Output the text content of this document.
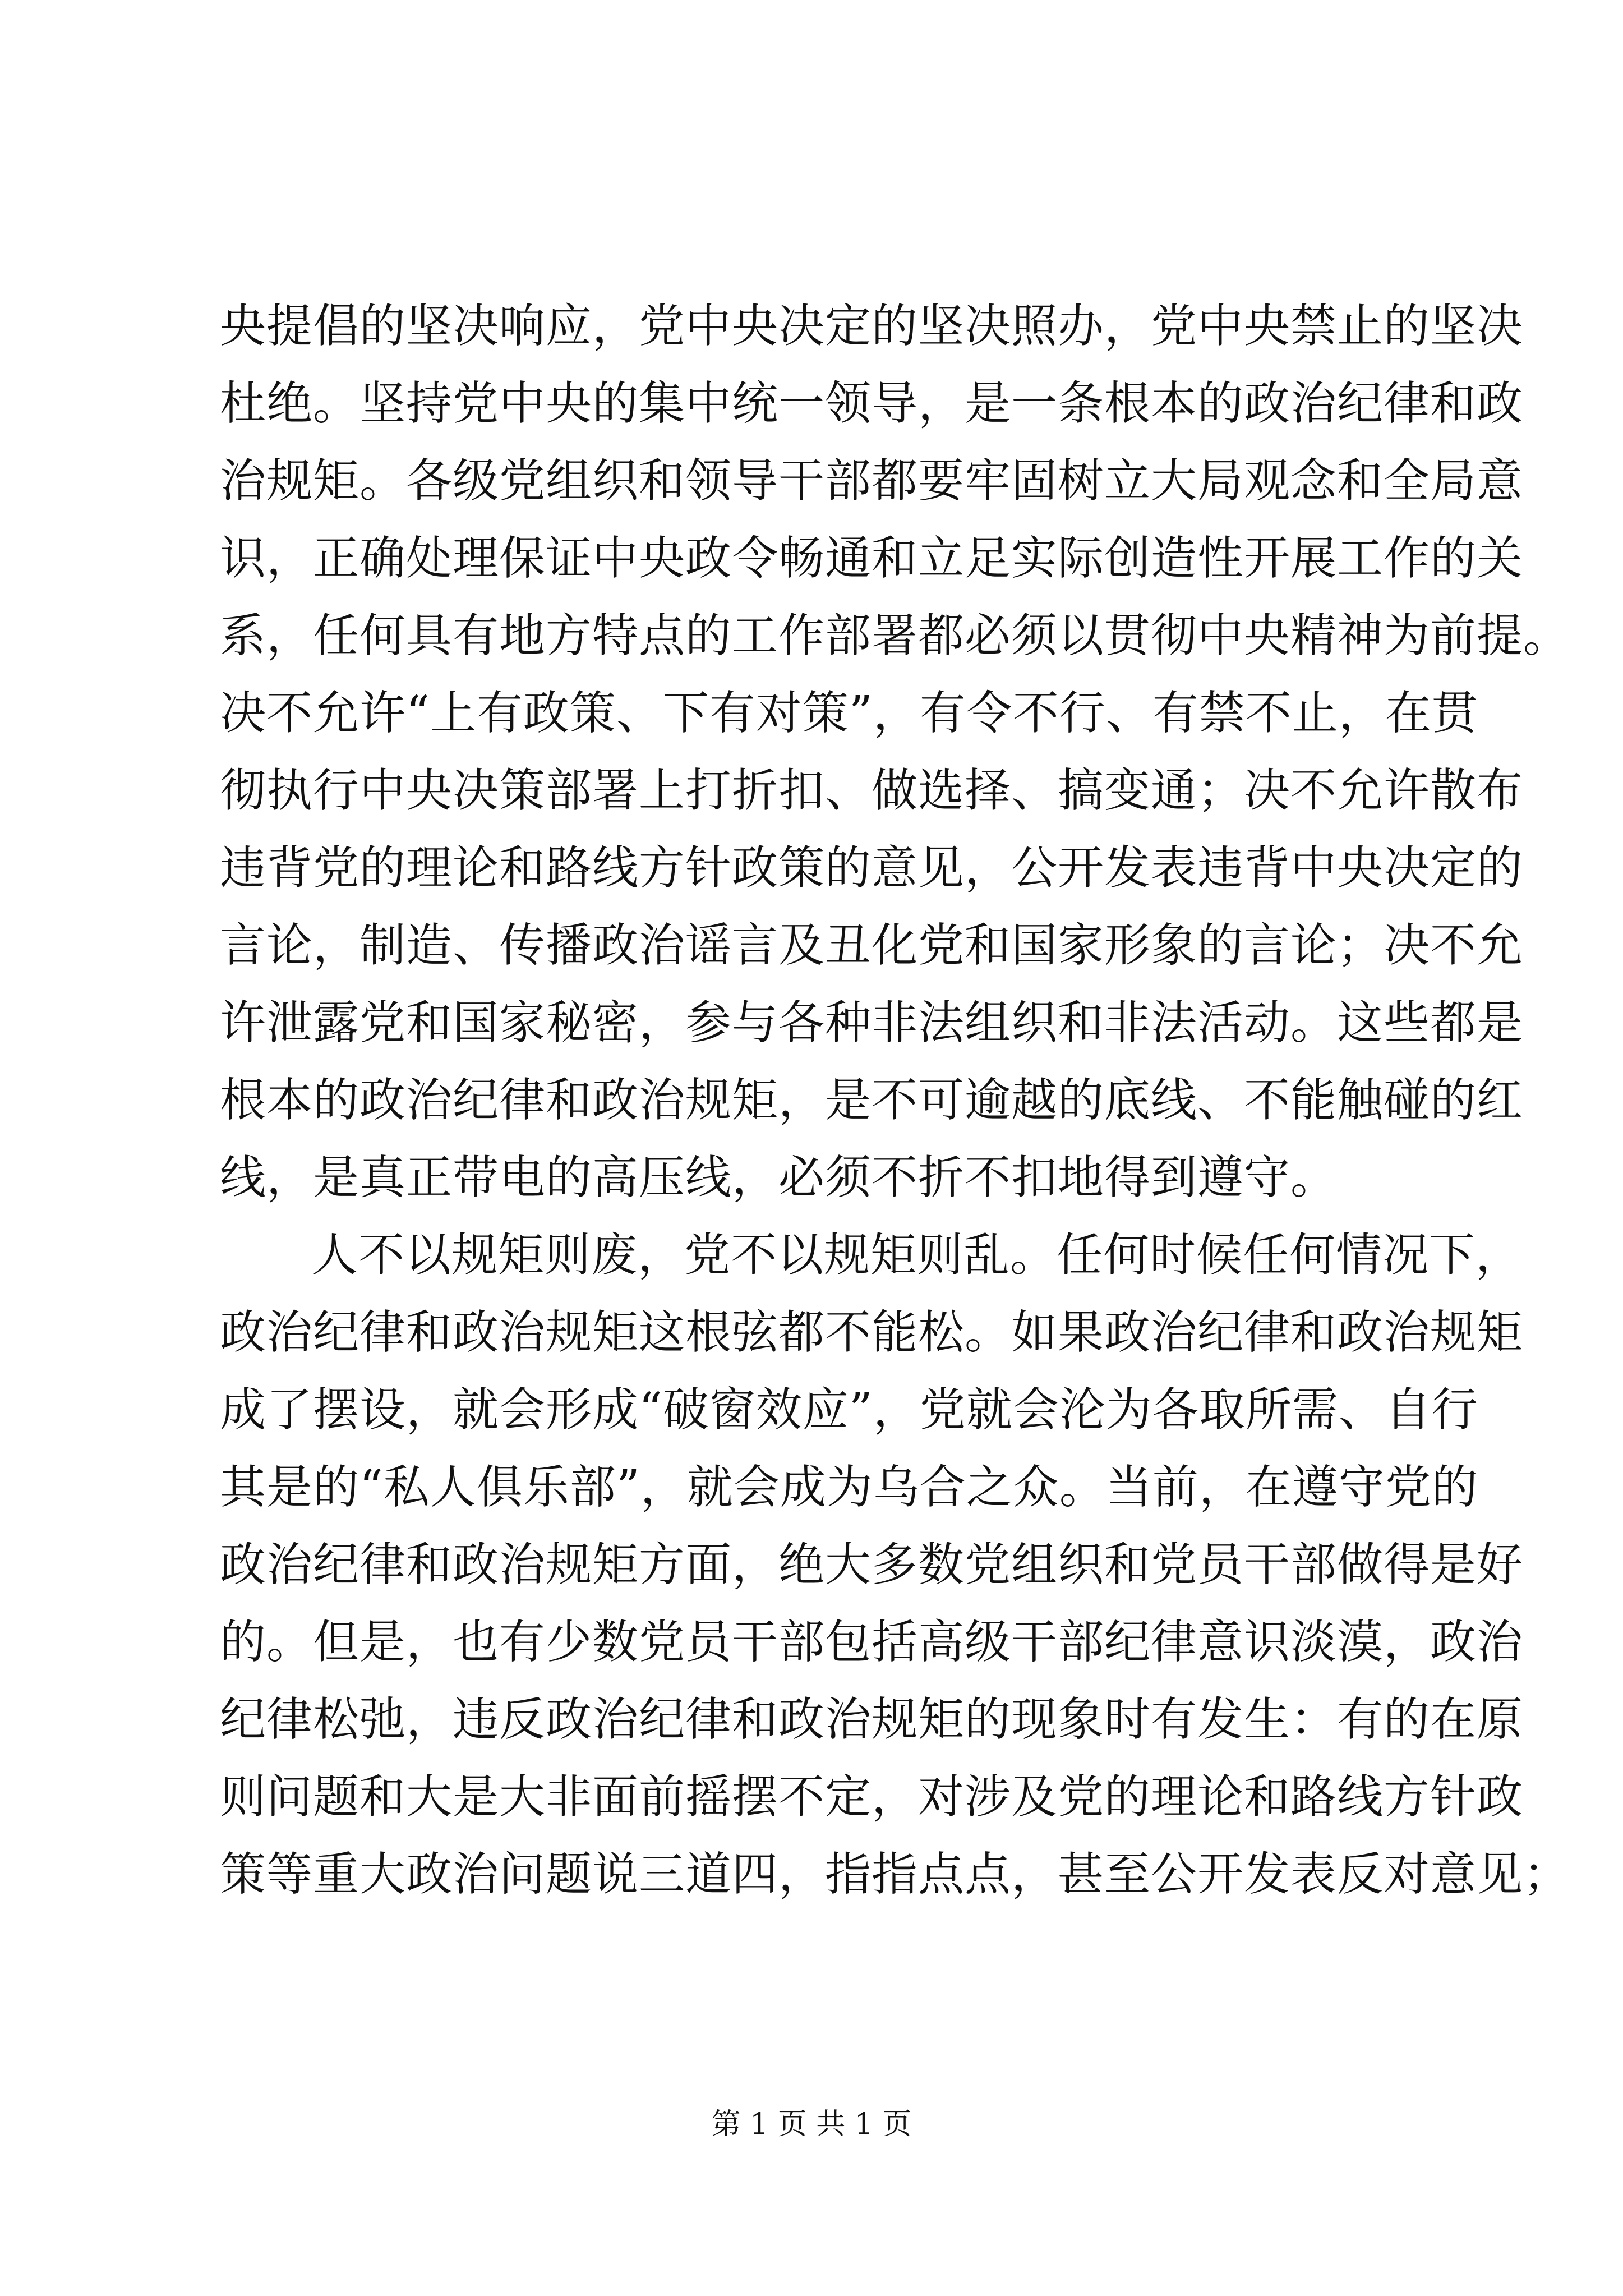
央提倡的坚决响应，党中央决定的坚决照办，党中央禁止的坚决
杜绝。坚持党中央的集中统一领导，是一条根本的政治纪律和政
治规矩。各级党组织和领导干部都要牢固树立大局观念和全局意
识，正确处理保证中央政令畅通和立足实际创造性开展工作的关
系，任何具有地方特点的工作部署都必须以贯彻中央精神为前提。
决不允许“上有政策、下有对策”，有令不行、有禁不止，在贯
彻执行中央决策部署上打折扣、做选择、搞变通；决不允许散布
违背党的理论和路线方针政策的意见，公开发表违背中央决定的
言论，制造、传播政治谣言及丑化党和国家形象的言论；决不允
许泄露党和国家秘密，参与各种非法组织和非法活动。这些都是
根本的政治纪律和政治规矩，是不可逾越的底线、不能触碰的红
线，是真正带电的高压线，必须不折不扣地得到遵守。
人不以规矩则废，党不以规矩则乱。任何时候任何情况下，
政治纪律和政治规矩这根弦都不能松。如果政治纪律和政治规矩
成了摆设，就会形成“破窗效应”，党就会沦为各取所需、自行
其是的“私人俱乐部”，就会成为乌合之众。当前，在遵守党的
政治纪律和政治规矩方面，绝大多数党组织和党员干部做得是好
的。但是，也有少数党员干部包括高级干部纪律意识淡漠，政治
纪律松弛，违反政治纪律和政治规矩的现象时有发生：有的在原
则问题和大是大非面前摇摆不定，对涉及党的理论和路线方针政
策等重大政治问题说三道四，指指点点，甚至公开发表反对意见；
第 1 页 共 1 页
